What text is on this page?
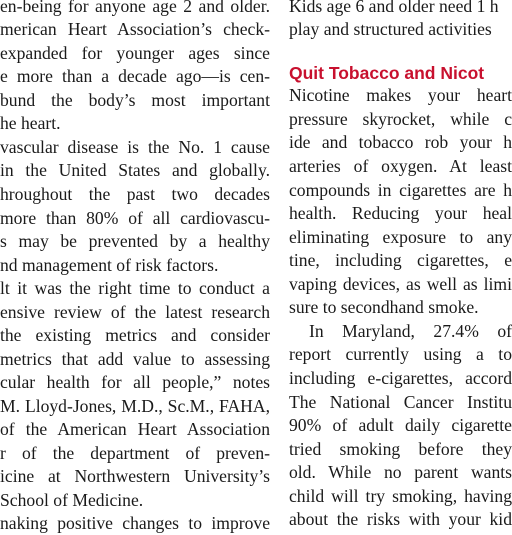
en-being for anyone age 2 and older.
merican Heart Association’s check-
expanded for younger ages since
e more than a decade ago—is cen-
bund the body’s most important
he heart.
vascular disease is the No. 1 cause
in the United States and globally.
hroughout the past two decades
more than 80% of all cardiovascu-
s may be prevented by a healthy
nd management of risk factors.
lt it was the right time to conduct a
ensive review of the latest research
the existing metrics and consider
metrics that add value to assessing
cular health for all people,” notes
M. Lloyd-Jones, M.D., Sc.M., FAHA,
of the American Heart Association
r of the department of preven-
icine at Northwestern University’s
School of Medicine.
naking positive changes to improve
Kids age 6 and older need 1 h
play and structured activities
Quit Tobacco and Nicot
Nicotine makes your heart
pressure skyrocket, while c
ide and tobacco rob your h
arteries of oxygen. At least
compounds in cigarettes are h
health. Reducing your heal
eliminating exposure to any
tine, including cigarettes, e
vaping devices, as well as limi
sure to secondhand smoke.
In Maryland, 27.4% of
report currently using a to
including e-cigarettes, accord
The National Cancer Institu
90% of adult daily cigarette
tried smoking before they
old. While no parent wants
child will try smoking, having
about the risks with your kid
